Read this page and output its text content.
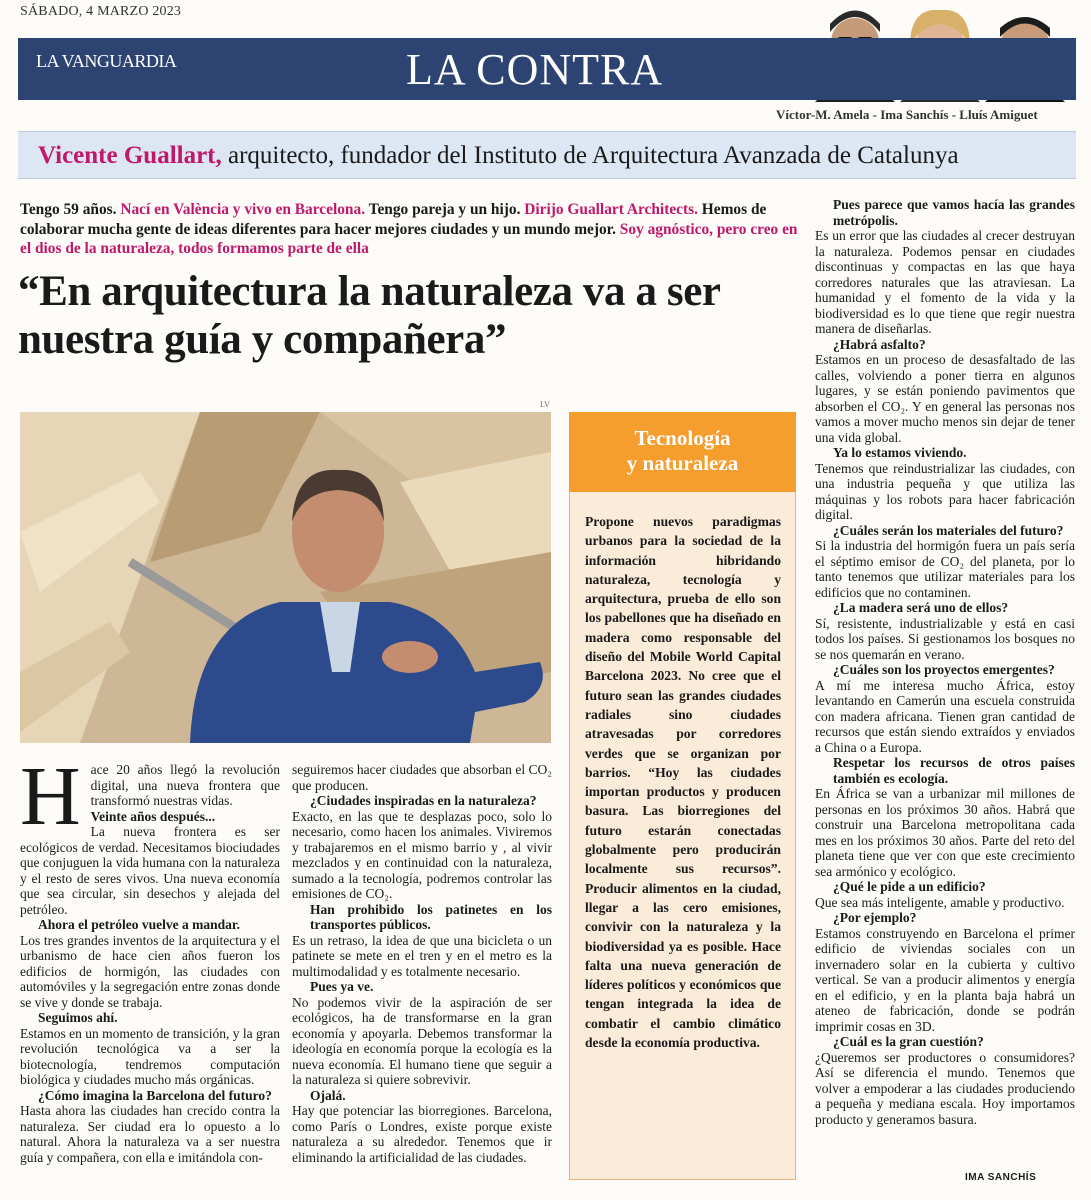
SÁBADO, 4 MARZO 2023
LA VANGUARDIA	LA CONTRA
Víctor-M. Amela - Ima Sanchís - Lluís Amiguet
Vicente Guallart, arquitecto, fundador del Instituto de Arquitectura Avanzada de Catalunya
Tengo 59 años. Nací en València y vivo en Barcelona. Tengo pareja y un hijo. Dirijo Guallart Architects. Hemos de colaborar mucha gente de ideas diferentes para hacer mejores ciudades y un mundo mejor. Soy agnóstico, pero creo en el dios de la naturaleza, todos formamos parte de ella
“En arquitectura la naturaleza va a ser nuestra guía y compañera”
LV
Tecnología
y naturaleza
Propone nuevos paradigmas urbanos para la sociedad de la información hibridando naturaleza, tecnología y arquitectura, prueba de ello son los pabellones que ha diseñado en madera como responsable del diseño del Mobile World Capital Barcelona 2023. No cree que el futuro sean las grandes ciudades radiales sino ciudades atravesadas por corredores verdes que se organizan por barrios. “Hoy las ciudades importan productos y producen basura. Las biorregiones del futuro estarán conectadas globalmente pero producirán localmente sus recursos”. Producir alimentos en la ciudad, llegar a las cero emisiones, convivir con la naturaleza y la biodiversidad ya es posible. Hace falta una nueva generación de líderes políticos y económicos que tengan integrada la idea de combatir el cambio climático desde la economía productiva.

Hace 20 años llegó la revolución digital, una nueva frontera que transformó nuestras vidas.

Veinte años después...

La nueva frontera es ser ecológicos de verdad. Necesitamos biociudades que conjuguen la vida humana con la naturaleza y el resto de seres vivos. Una nueva economía que sea circular, sin desechos y alejada del petróleo.

Ahora el petróleo vuelve a mandar.

Los tres grandes inventos de la arquitectura y el urbanismo de hace cien años fueron los edificios de hormigón, las ciudades con automóviles y la segregación entre zonas donde se vive y donde se trabaja.

Seguimos ahí.

Estamos en un momento de transición, y la gran revolución tecnológica va a ser la biotecnología, tendremos computación biológica y ciudades mucho más orgánicas.

¿Cómo imagina la Barcelona del futuro?

Hasta ahora las ciudades han crecido contra la naturaleza. Ser ciudad era lo opuesto a lo natural. Ahora la naturaleza va a ser nuestra guía y compañera, con ella e imitándola con-

seguiremos hacer ciudades que absorban el CO₂ que producen.

¿Ciudades inspiradas en la naturaleza?

Exacto, en las que te desplazas poco, solo lo necesario, como hacen los animales. Viviremos y trabajaremos en el mismo barrio y , al vivir mezclados y en continuidad con la naturaleza, sumado a la tecnología, podremos controlar las emisiones de CO₂.

Han prohibido los patinetes en los transportes públicos.

Es un retraso, la idea de que una bicicleta o un patinete se mete en el tren y en el metro es la multimodalidad y es totalmente necesario.

Pues ya ve.

No podemos vivir de la aspiración de ser ecológicos, ha de transformarse en la gran economía y apoyarla. Debemos transformar la ideología en economía porque la ecología es la nueva economía. El humano tiene que seguir a la naturaleza si quiere sobrevivir.

Ojalá.

Hay que potenciar las biorregiones. Barcelona, como París o Londres, existe porque existe naturaleza a su alrededor. Tenemos que ir eliminando la artificialidad de las ciudades.

Pues parece que vamos hacía las grandes metrópolis.

Es un error que las ciudades al crecer destruyan la naturaleza. Podemos pensar en ciudades discontinuas y compactas en las que haya corredores naturales que las atraviesan. La humanidad y el fomento de la vida y la biodiversidad es lo que tiene que regir nuestra manera de diseñarlas.

¿Habrá asfalto?

Estamos en un proceso de desasfaltado de las calles, volviendo a poner tierra en algunos lugares, y se están poniendo pavimentos que absorben el CO₂. Y en general las personas nos vamos a mover mucho menos sin dejar de tener una vida global.

Ya lo estamos viviendo.

Tenemos que reindustrializar las ciudades, con una industria pequeña y que utiliza las máquinas y los robots para hacer fabricación digital.

¿Cuáles serán los materiales del futuro?

Si la industria del hormigón fuera un país sería el séptimo emisor de CO₂ del planeta, por lo tanto tenemos que utilizar materiales para los edificios que no contaminen.

¿La madera será uno de ellos?

Sí, resistente, industrializable y está en casi todos los países. Si gestionamos los bosques no se nos quemarán en verano.

¿Cuáles son los proyectos emergentes?

A mí me interesa mucho África, estoy levantando en Camerún una escuela construida con madera africana. Tienen gran cantidad de recursos que están siendo extraídos y enviados a China o a Europa.

Respetar los recursos de otros países también es ecología.

En África se van a urbanizar mil millones de personas en los próximos 30 años. Habrá que construir una Barcelona metropolitana cada mes en los próximos 30 años. Parte del reto del planeta tiene que ver con que este crecimiento sea armónico y ecológico.

¿Qué le pide a un edificio?

Que sea más inteligente, amable y productivo.

¿Por ejemplo?

Estamos construyendo en Barcelona el primer edificio de viviendas sociales con un invernadero solar en la cubierta y cultivo vertical. Se van a producir alimentos y energía en el edificio, y en la planta baja habrá un ateneo de fabricación, donde se podrán imprimir cosas en 3D.

¿Cuál es la gran cuestión?

¿Queremos ser productores o consumidores? Así se diferencia el mundo. Tenemos que volver a empoderar a las ciudades produciendo a pequeña y mediana escala. Hoy importamos producto y generamos basura.

IMA SANCHÍS
